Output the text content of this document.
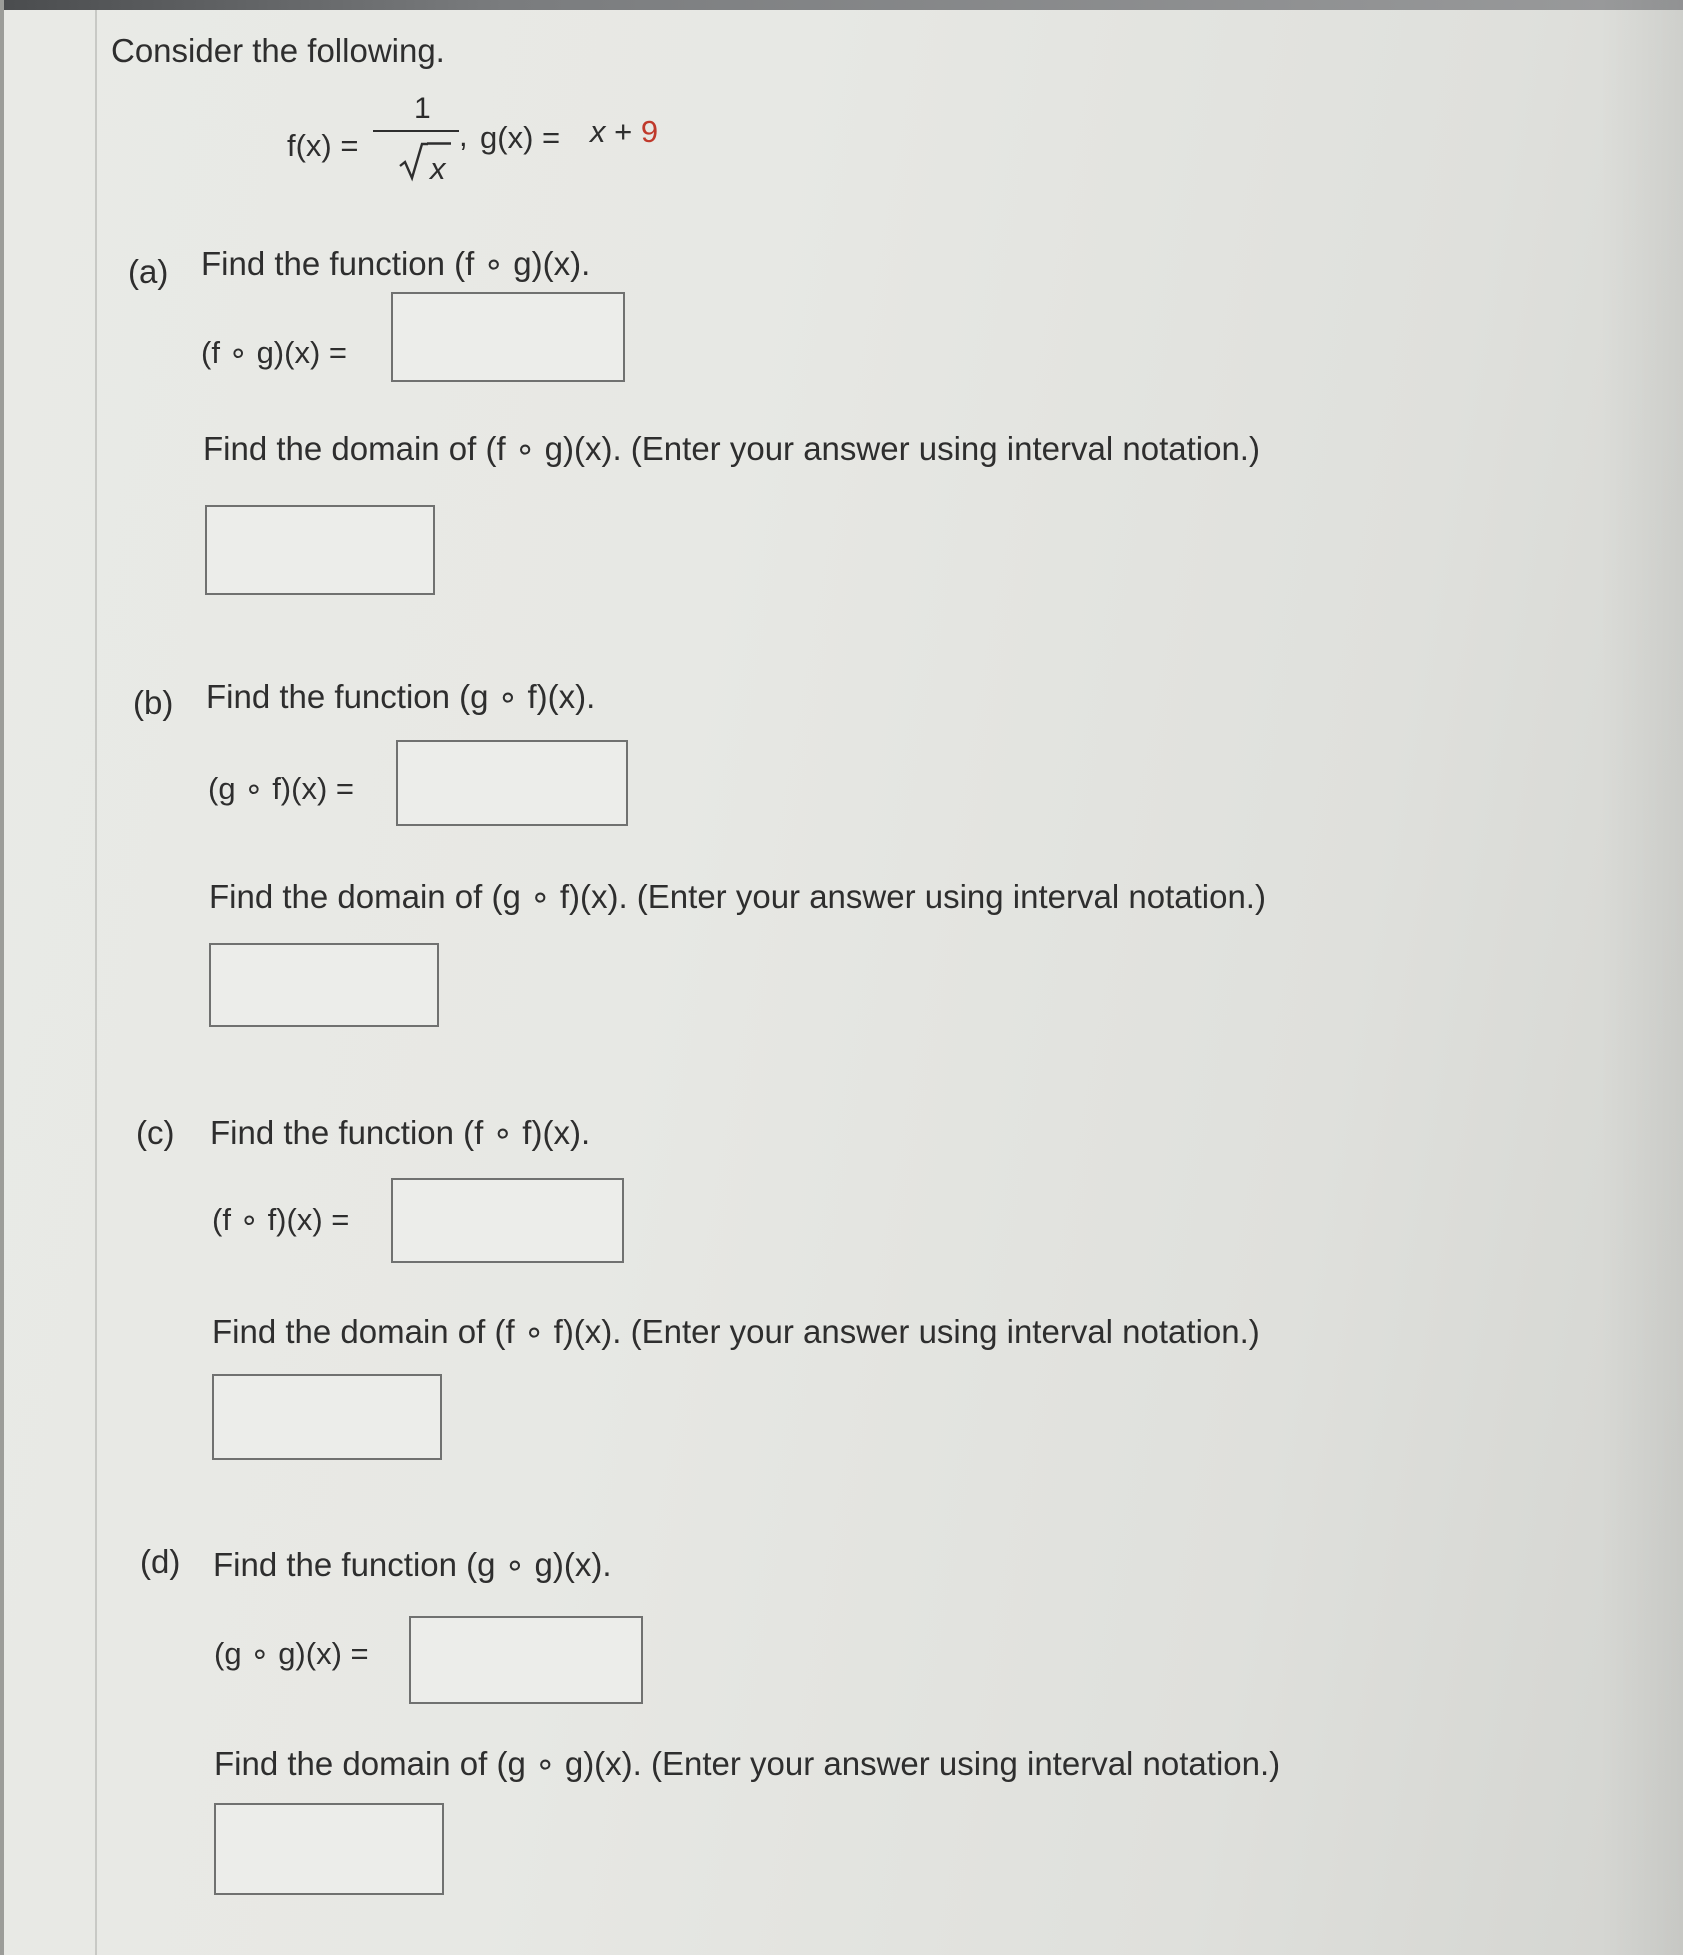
Consider the following.
f(x) =
1
x
, g(x) = x + 9
(a) Find the function (f ∘ g)(x).
(f ∘ g)(x) =
Find the domain of (f ∘ g)(x). (Enter your answer using interval notation.)
(b) Find the function (g ∘ f)(x).
(g ∘ f)(x) =
Find the domain of (g ∘ f)(x). (Enter your answer using interval notation.)
(c) Find the function (f ∘ f)(x).
(f ∘ f)(x) =
Find the domain of (f ∘ f)(x). (Enter your answer using interval notation.)
(d) Find the function (g ∘ g)(x).
(g ∘ g)(x) =
Find the domain of (g ∘ g)(x). (Enter your answer using interval notation.)
